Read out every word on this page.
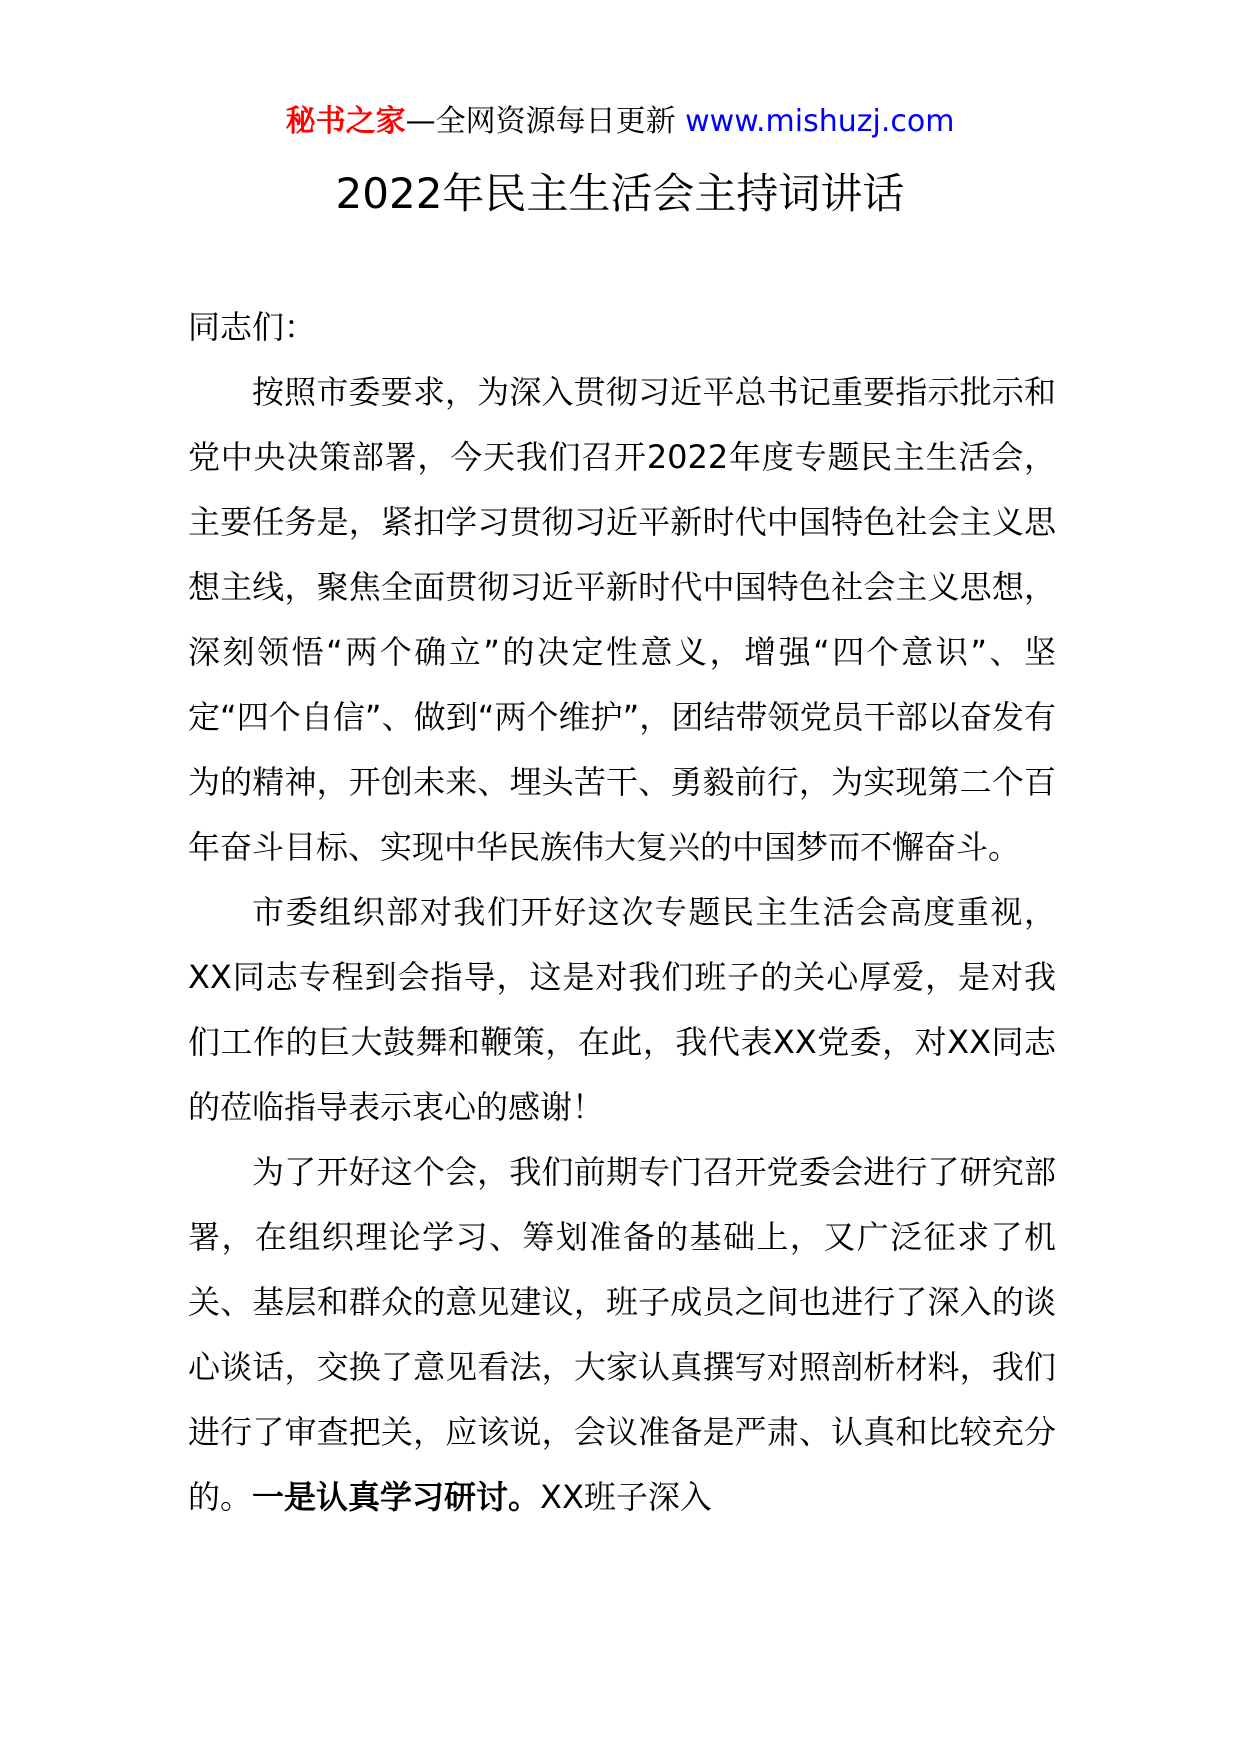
秘书之家—全网资源每日更新 www.mishuzj.com
2022年民主生活会主持词讲话

同志们：

按照市委要求，为深入贯彻习近平总书记重要指示批示和党中央决策部署，今天我们召开2022年度专题民主生活会，主要任务是，紧扣学习贯彻习近平新时代中国特色社会主义思想主线，聚焦全面贯彻习近平新时代中国特色社会主义思想，深刻领悟“两个确立”的决定性意义，增强“四个意识”、坚定“四个自信”、做到“两个维护”，团结带领党员干部以奋发有为的精神，开创未来、埋头苦干、勇毅前行，为实现第二个百年奋斗目标、实现中华民族伟大复兴的中国梦而不懈奋斗。

市委组织部对我们开好这次专题民主生活会高度重视，XX同志专程到会指导，这是对我们班子的关心厚爱，是对我们工作的巨大鼓舞和鞭策，在此，我代表XX党委，对XX同志的莅临指导表示衷心的感谢！

为了开好这个会，我们前期专门召开党委会进行了研究部署，在组织理论学习、筹划准备的基础上，又广泛征求了机关、基层和群众的意见建议，班子成员之间也进行了深入的谈心谈话，交换了意见看法，大家认真撰写对照剖析材料，我们进行了审查把关，应该说，会议准备是严肃、认真和比较充分的。一是认真学习研讨。XX班子深入
